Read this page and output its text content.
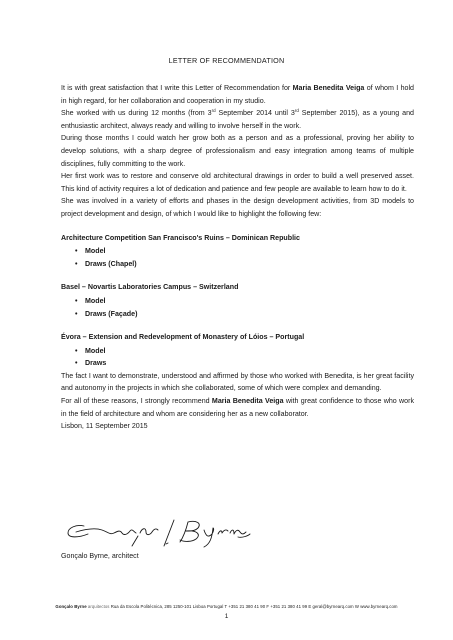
LETTER OF RECOMMENDATION

It is with great satisfaction that I write this Letter of Recommendation for Maria Benedita Veiga of whom I hold in high regard, for her collaboration and cooperation in my studio.

She worked with us during 12 months (from 3rd September 2014 until 3rd September 2015), as a young and enthusiastic architect, always ready and willing to involve herself in the work.

During those months I could watch her grow both as a person and as a professional, proving her ability to develop solutions, with a sharp degree of professionalism and easy integration among teams of multiple disciplines, fully committing to the work.

Her first work was to restore and conserve old architectural drawings in order to build a well preserved asset. This kind of activity requires a lot of dedication and patience and few people are available to learn how to do it.

She was involved in a variety of efforts and phases in the design development activities, from 3D models to project development and design, of which I would like to highlight the following few:

Architecture Competition San Francisco's Ruins – Dominican Republic

• Model
• Draws (Chapel)

Basel – Novartis Laboratories Campus – Switzerland

• Model
• Draws (Façade)

Évora – Extension and Redevelopment of Monastery of Lóios – Portugal

• Model
• Draws

The fact I want to demonstrate, understood and affirmed by those who worked with Benedita, is her great facility and autonomy in the projects in which she collaborated, some of which were complex and demanding.

For all of these reasons, I strongly recommend Maria Benedita Veiga with great confidence to those who work in the field of architecture and whom are considering her as a new collaborator.

Lisbon, 11 September 2015

Gonçalo Byrne, architect
Gonçalo Byrne arquitectos Rua da Escola Politécnica, 285 1250-101 Lisboa Portugal T +351 21 380 41 90 F +351 21 380 41 99 E geral@byrnearq.com W www.byrnearq.com
1
